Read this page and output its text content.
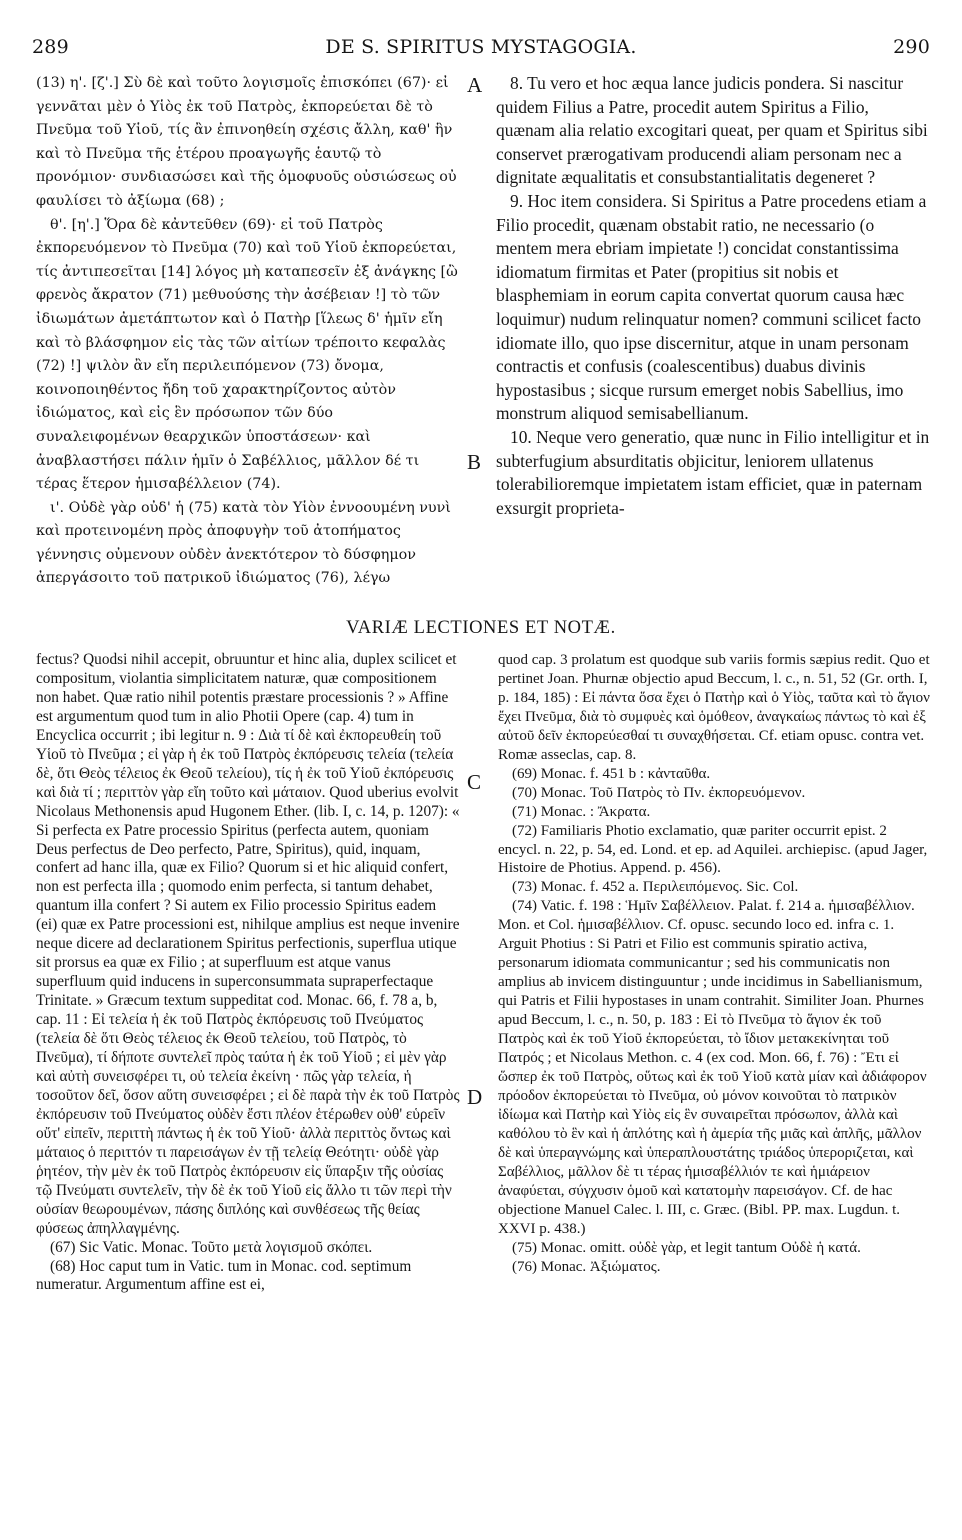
289	DE S. SPIRITUS MYSTAGOGIA.	290

(13) η'. [ζ'.] Σὺ δὲ καὶ τοῦτο λογισμοῖς ἐπισκόπει (67)· εἰ γεννᾶται μὲν ὁ Υἱὸς ἐκ τοῦ Πατρὸς, ἐκπορεύεται δὲ τὸ Πνεῦμα τοῦ Υἱοῦ, τίς ἂν ἐπινοηθείη σχέσις ἄλλη, καθ' ἣν καὶ τὸ Πνεῦμα τῆς ἑτέρου προαγωγῆς ἑαυτῷ τὸ προνόμιον· συνδιασώσει καὶ τῆς ὁμοφυοῦς οὐσιώσεως οὐ φαυλίσει τὸ ἀξίωμα (68) ;

θ'. [η'.] Ὅρα δὲ κἀντεῦθεν (69)· εἰ τοῦ Πατρὸς ἐκπορευόμενον τὸ Πνεῦμα (70) καὶ τοῦ Υἱοῦ ἐκπορεύεται, τίς ἀντιπεσεῖται [14] λόγος μὴ καταπεσεῖν ἐξ ἀνάγκης [ὢ φρενὸς ἄκρατον (71) μεθυούσης τὴν ἀσέβειαν !] τὸ τῶν ἰδιωμάτων ἀμετάπτωτον καὶ ὁ Πατὴρ [ἵλεως δ' ἡμῖν εἴη καὶ τὸ βλάσφημον εἰς τὰς τῶν αἰτίων τρέποιτο κεφαλὰς (72) !] ψιλὸν ἂν εἴη περιλειπόμενον (73) ὄνομα, κοινοποιηθέντος ἤδη τοῦ χαρακτηρίζοντος αὐτὸν ἰδιώματος, καὶ εἰς ἓν πρόσωπον τῶν δύο συναλειφομένων θεαρχικῶν ὑποστάσεων· καὶ ἀναβλαστήσει πάλιν ἡμῖν ὁ Σαβέλλιος, μᾶλλον δέ τι τέρας ἕτερον ἡμισαβέλλειον (74).

ι'. Οὐδὲ γὰρ οὐδ' ἡ (75) κατὰ τὸν Υἱὸν ἐννοουμένη νυνὶ καὶ προτεινομένη πρὸς ἀποφυγὴν τοῦ ἀτοπήματος γέννησις οὐμενουν οὐδὲν ἀνεκτότερον τὸ δύσφημον ἀπεργάσοιτο τοῦ πατρικοῦ ἰδιώματος (76), λέγω

A
B

8. Tu vero et hoc æqua lance judicis pondera. Si nascitur quidem Filius a Patre, procedit autem Spiritus a Filio, quænam alia relatio excogitari queat, per quam et Spiritus sibi conservet prærogativam producendi aliam personam nec a dignitate æqualitatis et consubstantialitatis degeneret ?

9. Hoc item considera. Si Spiritus a Patre procedens etiam a Filio procedit, quænam obstabit ratio, ne necessario (o mentem mera ebriam impietate !) concidat constantissima idiomatum firmitas et Pater (propitius sit nobis et blasphemiam in eorum capita convertat quorum causa hæc loquimur) nudum relinquatur nomen? communi scilicet facto idiomate illo, quo ipse discernitur, atque in unam personam contractis et confusis (coalescentibus) duabus divinis hypostasibus ; sicque rursum emerget nobis Sabellius, imo monstrum aliquod semisabellianum.

10. Neque vero generatio, quæ nunc in Filio intelligitur et in subterfugium absurditatis objicitur, leniorem ullatenus tolerabilioremque impietatem istam efficiet, quæ in paternam exsurgit proprieta-

VARIÆ LECTIONES ET NOTÆ.
C
D

fectus? Quodsi nihil accepit, obruuntur et hinc alia, duplex scilicet et compositum, violantia simplicitatem naturæ, quæ compositionem non habet. Quæ ratio nihil potentis præstare processionis ? » Affine est argumentum quod tum in alio Photii Opere (cap. 4) tum in Encyclica occurrit ; ibi legitur n. 9 : Διὰ τί δὲ καὶ ἐκπορευθείη τοῦ Υἱοῦ τὸ Πνεῦμα ; εἰ γὰρ ἡ ἐκ τοῦ Πατρὸς ἐκπόρευσις τελεία (τελεία δὲ, ὅτι Θεὸς τέλειος ἐκ Θεοῦ τελείου), τίς ἡ ἐκ τοῦ Υἱοῦ ἐκπόρευσις καὶ διὰ τί ; περιττὸν γὰρ εἴη τοῦτο καὶ μάταιον. Quod uberius evolvit Nicolaus Methonensis apud Hugonem Ether. (lib. I, c. 14, p. 1207): « Si perfecta ex Patre processio Spiritus (perfecta autem, quoniam Deus perfectus de Deo perfecto, Patre, Spiritus), quid, inquam, confert ad hanc illa, quæ ex Filio? Quorum si et hic aliquid confert, non est perfecta illa ; quomodo enim perfecta, si tantum dehabet, quantum illa confert ? Si autem ex Filio processio Spiritus eadem (ei) quæ ex Patre processioni est, nihilque amplius est neque invenire neque dicere ad declarationem Spiritus perfectionis, superflua utique sit prorsus ea quæ ex Filio ; at superfluum est atque vanus superfluum quid inducens in superconsummata supraperfectaque Trinitate. » Græcum textum suppeditat cod. Monac. 66, f. 78 a, b, cap. 11 : Εἰ τελεία ἡ ἐκ τοῦ Πατρὸς ἐκπόρευσις τοῦ Πνεύματος (τελεία δὲ ὅτι Θεὸς τέλειος ἐκ Θεοῦ τελείου, τοῦ Πατρὸς, τὸ Πνεῦμα), τί δήποτε συντελεῖ πρὸς ταύτα ἡ ἐκ τοῦ Υἱοῦ ; εἰ μὲν γὰρ καὶ αὐτὴ συνεισφέρει τι, οὐ τελεία ἐκείνη · πῶς γὰρ τελεία, ἡ τοσοῦτον δεῖ, ὅσον αὕτη συνεισφέρει ; εἰ δὲ παρὰ τὴν ἐκ τοῦ Πατρὸς ἐκπόρευσιν τοῦ Πνεύματος οὐδὲν ἔστι πλέον ἑτέρωθεν οὐθ' εὑρεῖν οὔτ' εἰπεῖν, περιττὴ πάντως ἡ ἐκ τοῦ Υἱοῦ· ἀλλὰ περιττὸς ὄντως καὶ μάταιος ὁ περιττόν τι παρεισάγων ἐν τῇ τελείᾳ Θεότητι· οὐδὲ γὰρ ῥητέον, τὴν μὲν ἐκ τοῦ Πατρὸς ἐκπόρευσιν εἰς ὕπαρξιν τῆς οὐσίας τῷ Πνεύματι συντελεῖν, τὴν δὲ ἐκ τοῦ Υἱοῦ εἰς ἄλλο τι τῶν περὶ τὴν οὐσίαν θεωρουμένων, πάσης διπλόης καὶ συνθέσεως τῆς θείας φύσεως ἀπηλλαγμένης.

(67) Sic Vatic. Monac. Τοῦτο μετὰ λογισμοῦ σκόπει.

(68) Hoc caput tum in Vatic. tum in Monac. cod. septimum numeratur. Argumentum affine est ei,

quod cap. 3 prolatum est quodque sub variis formis sæpius redit. Quo et pertinet Joan. Phurnæ objectio apud Beccum, l. c., n. 51, 52 (Gr. orth. I, p. 184, 185) : Εἰ πάντα ὅσα ἔχει ὁ Πατὴρ καὶ ὁ Υἱὸς, ταῦτα καὶ τὸ ἅγιον ἔχει Πνεῦμα, διὰ τὸ συμφυὲς καὶ ὁμόθεον, ἀναγκαίως πάντως τὸ καὶ ἐξ αὐτοῦ δεῖν ἐκπορεύεσθαί τι συναχθήσεται. Cf. etiam opusc. contra vet. Romæ asseclas, cap. 8.

(69) Monac. f. 451 b : κἀνταῦθα.

(70) Monac. Τοῦ Πατρὸς τὸ Πν. ἐκπορευόμενον.

(71) Monac. : Ἄκρατα.

(72) Familiaris Photio exclamatio, quæ pariter occurrit epist. 2 encycl. n. 22, p. 54, ed. Lond. et ep. ad Aquilei. archiepisc. (apud Jager, Histoire de Photius. Append. p. 456).

(73) Monac. f. 452 a. Περιλειπόμενος. Sic. Col.

(74) Vatic. f. 198 : Ἡμῖν Σαβέλλειον. Palat. f. 214 a. ἡμισαβέλλιον. Mon. et Col. ἡμισαβέλλιον. Cf. opusc. secundo loco ed. infra c. 1. Arguit Photius : Si Patri et Filio est communis spiratio activa, personarum idiomata communicantur ; sed his communicatis non amplius ab invicem distinguuntur ; unde incidimus in Sabellianismum, qui Patris et Filii hypostases in unam contrahit. Similiter Joan. Phurnes apud Beccum, l. c., n. 50, p. 183 : Εἰ τὸ Πνεῦμα τὸ ἅγιον ἐκ τοῦ Πατρὸς καὶ ἐκ τοῦ Υἱοῦ ἐκπορεύεται, τὸ ἴδιον μετακεκίνηται τοῦ Πατρός ; et Nicolaus Methon. c. 4 (ex cod. Mon. 66, f. 76) : Ἔτι εἰ ὥσπερ ἐκ τοῦ Πατρὸς, οὕτως καὶ ἐκ τοῦ Υἱοῦ κατὰ μίαν καὶ ἀδιάφορον πρόοδον ἐκπορεύεται τὸ Πνεῦμα, οὐ μόνον κοινοῦται τὸ πατρικὸν ἰδίωμα καὶ Πατὴρ καὶ Υἱὸς εἰς ἓν συναιρεῖται πρόσωπον, ἀλλὰ καὶ καθόλου τὸ ἓν καὶ ἡ ἁπλότης καὶ ἡ ἀμερία τῆς μιᾶς καὶ ἁπλῆς, μᾶλλον δὲ καὶ ὑπεραγνώμης καὶ ὑπεραπλουστάτης τριάδος ὑπεροριζεται, καὶ Σαβέλλιος, μᾶλλον δὲ τι τέρας ἡμισαβέλλιόν τε καὶ ἡμιάρειον ἀναφύεται, σύγχυσιν ὁμοῦ καὶ κατατομὴν παρεισάγον. Cf. de hac objectione Manuel Calec. l. III, c. Græc. (Bibl. PP. max. Lugdun. t. XXVI p. 438.)

(75) Monac. omitt. οὐδὲ γὰρ, et legit tantum Οὐδὲ ἡ κατά.

(76) Monac. Ἀξιώματος.
